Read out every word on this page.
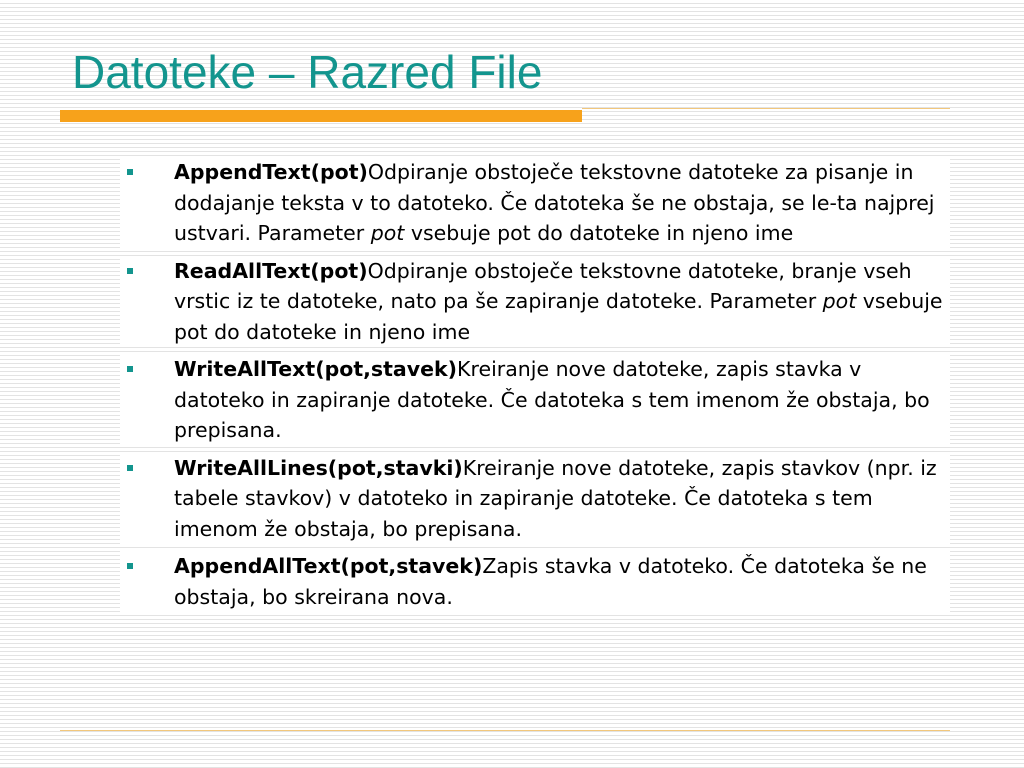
Datoteke – Razred File
AppendText(pot)Odpiranje obstoječe tekstovne datoteke za pisanje in dodajanje teksta v to datoteko. Če datoteka še ne obstaja, se le-ta najprej ustvari. Parameter pot vsebuje pot do datoteke in njeno ime
ReadAllText(pot)Odpiranje obstoječe tekstovne datoteke, branje vseh vrstic iz te datoteke, nato pa še zapiranje datoteke. Parameter pot vsebuje pot do datoteke in njeno ime
WriteAllText(pot,stavek)Kreiranje nove datoteke, zapis stavka v datoteko in zapiranje datoteke. Če datoteka s tem imenom že obstaja, bo prepisana.
WriteAllLines(pot,stavki)Kreiranje nove datoteke, zapis stavkov (npr. iz tabele stavkov) v datoteko in zapiranje datoteke. Če datoteka s tem imenom že obstaja, bo prepisana.
AppendAllText(pot,stavek)Zapis stavka v datoteko. Če datoteka še ne obstaja, bo skreirana nova.
